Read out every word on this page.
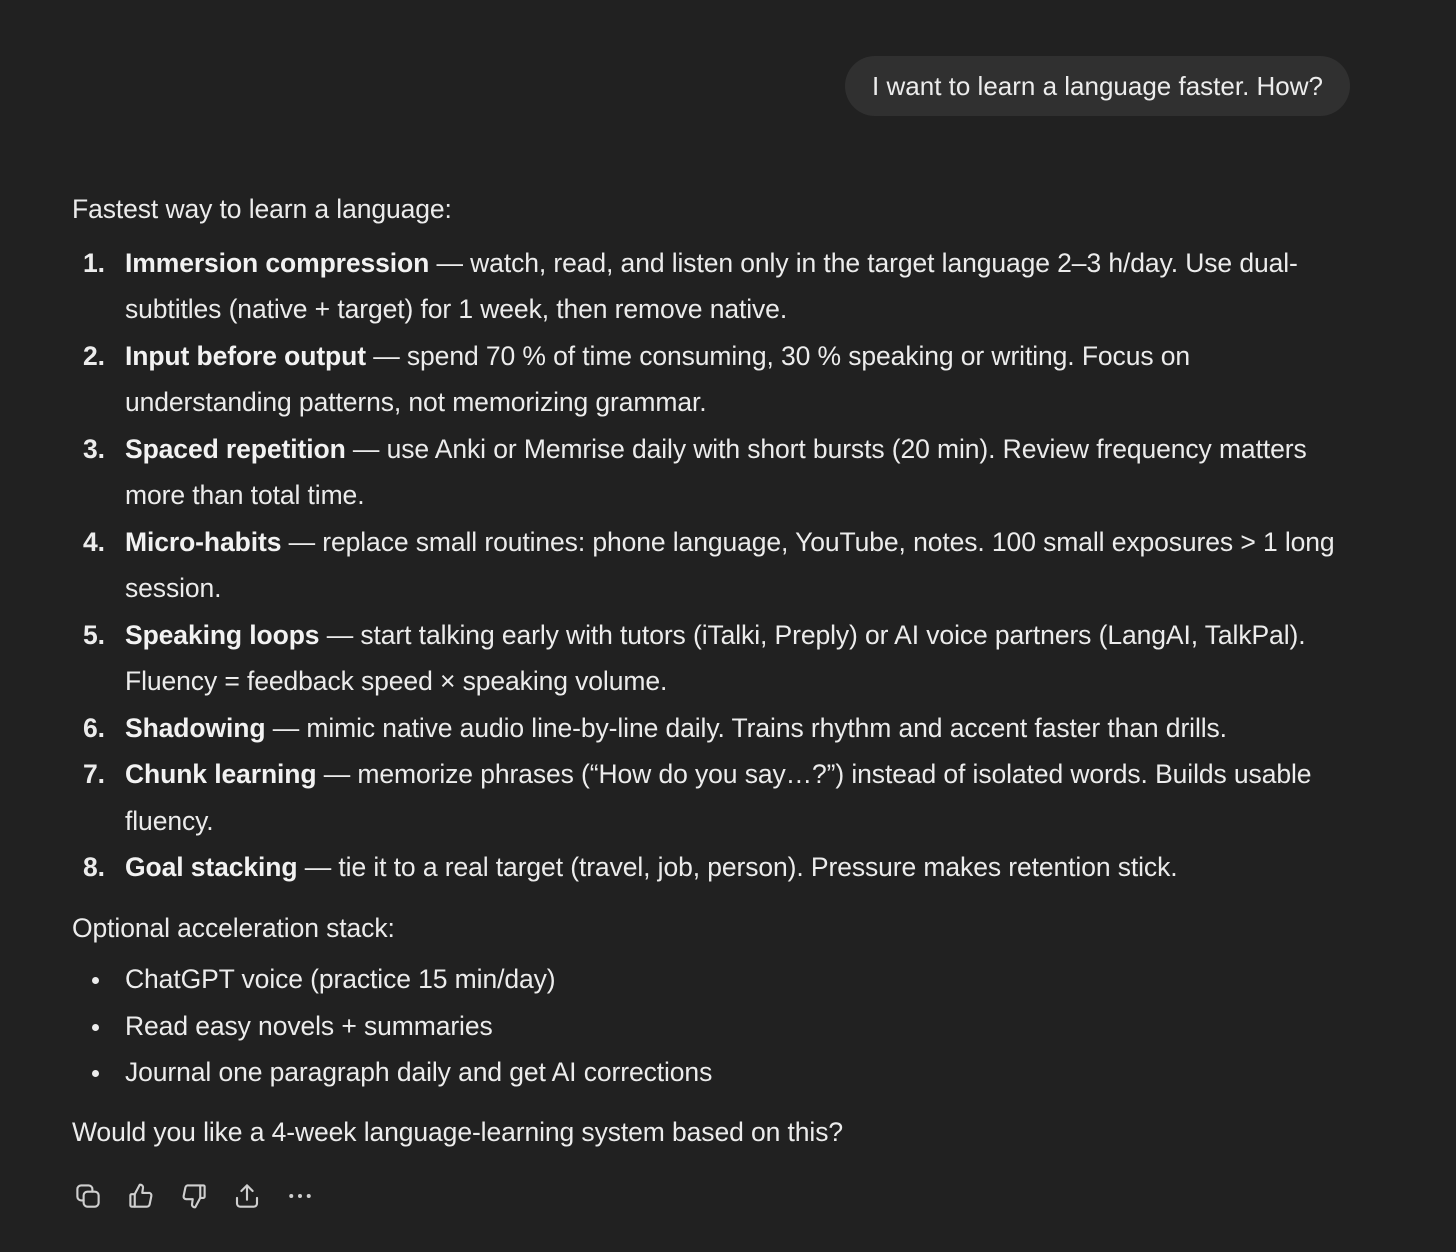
I want to learn a language faster. How?

Fastest way to learn a language:

1. Immersion compression — watch, read, and listen only in the target language 2–3 h/day. Use dual-subtitles (native + target) for 1 week, then remove native.
2. Input before output — spend 70 % of time consuming, 30 % speaking or writing. Focus on understanding patterns, not memorizing grammar.
3. Spaced repetition — use Anki or Memrise daily with short bursts (20 min). Review frequency matters more than total time.
4. Micro-habits — replace small routines: phone language, YouTube, notes. 100 small exposures > 1 long session.
5. Speaking loops — start talking early with tutors (iTalki, Preply) or AI voice partners (LangAI, TalkPal). Fluency = feedback speed × speaking volume.
6. Shadowing — mimic native audio line-by-line daily. Trains rhythm and accent faster than drills.
7. Chunk learning — memorize phrases (“How do you say…?”) instead of isolated words. Builds usable fluency.
8. Goal stacking — tie it to a real target (travel, job, person). Pressure makes retention stick.

Optional acceleration stack:

ChatGPT voice (practice 15 min/day)
Read easy novels + summaries
Journal one paragraph daily and get AI corrections

Would you like a 4-week language-learning system based on this?
